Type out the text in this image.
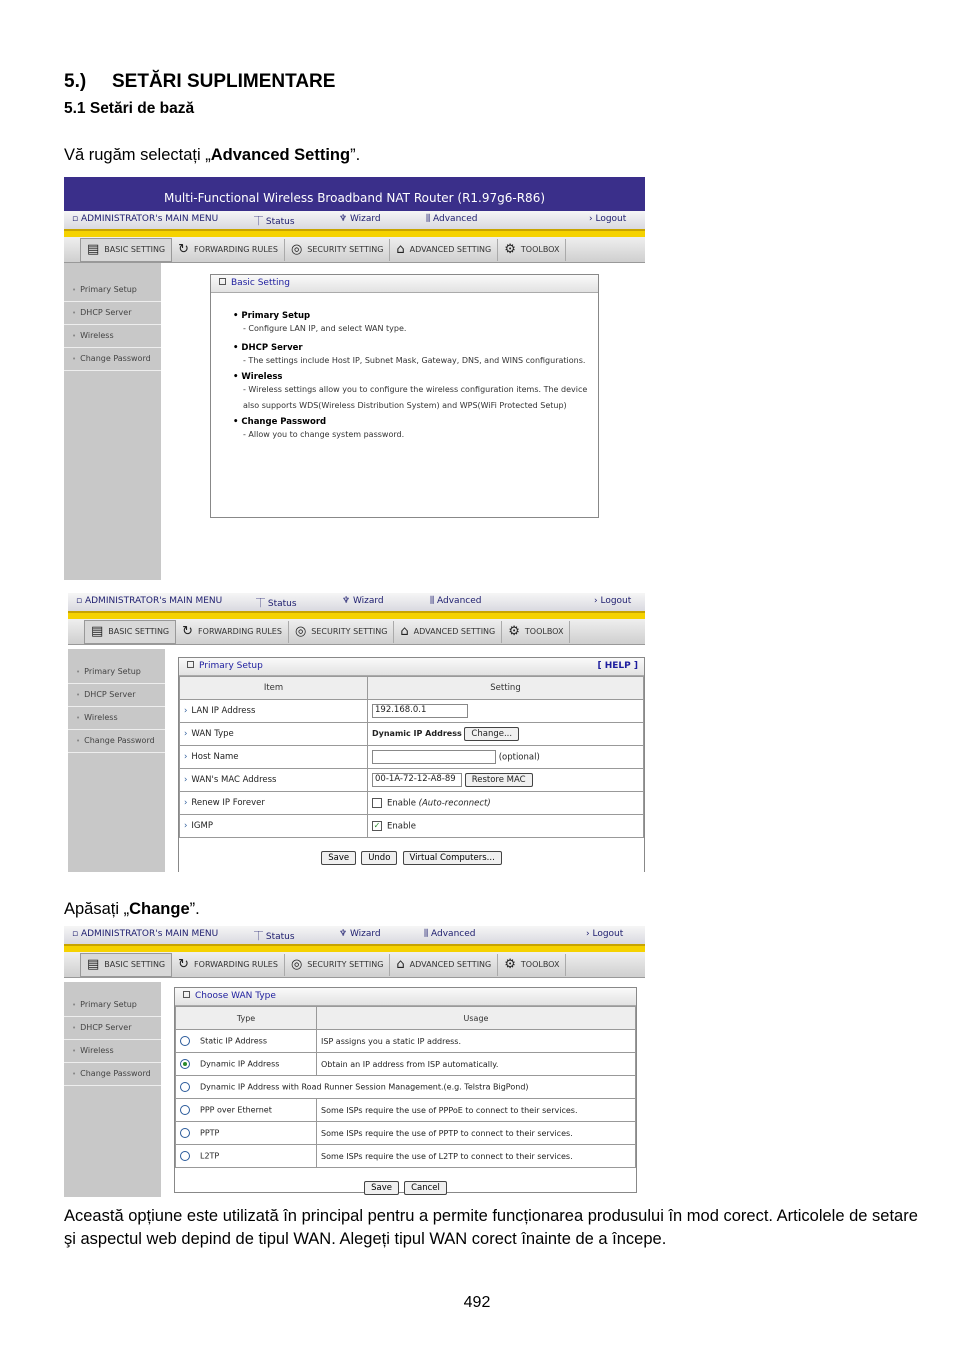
5.) SETĂRI SUPLIMENTARE
5.1 Setări de bază
Vă rugăm selectați „Advanced Setting”.
Multi-Functional Wireless Broadband NAT Router (R1.97g6-R86)
▫ ADMINISTRATOR's MAIN MENU	⏉ Status	♆ Wizard	⫼ Advanced	› Logout
▤ BASIC SETTING ↻ FORWARDING RULES ◎ SECURITY SETTING ⌂ ADVANCED SETTING ⚙ TOOLBOX
• Primary Setup
• DHCP Server
• Wireless
• Change Password
Basic Setting

• Primary Setup

- Configure LAN IP, and select WAN type.

• DHCP Server

- The settings include Host IP, Subnet Mask, Gateway, DNS, and WINS configurations.

• Wireless

- Wireless settings allow you to configure the wireless configuration items. The device also supports WDS(Wireless Distribution System) and WPS(WiFi Protected Setup)

• Change Password

- Allow you to change system password.
▫ ADMINISTRATOR's MAIN MENU	⏉ Status	♆ Wizard	⫼ Advanced	› Logout
▤ BASIC SETTING ↻ FORWARDING RULES ◎ SECURITY SETTING ⌂ ADVANCED SETTING ⚙ TOOLBOX
• Primary Setup
• DHCP Server
• Wireless
• Change Password
Primary Setup	[ HELP ]
Item	Setting
› LAN IP Address	192.168.0.1
› WAN Type	Dynamic IP Address Change...
› Host Name	(optional)
› WAN's MAC Address	00-1A-72-12-A8-89 Restore MAC
› Renew IP Forever	Enable (Auto-reconnect)
› IGMP	✓ Enable
Save Undo Virtual Computers...
Apăsați „Change”.
▫ ADMINISTRATOR's MAIN MENU	⏉ Status	♆ Wizard	⫼ Advanced	› Logout
▤ BASIC SETTING ↻ FORWARDING RULES ◎ SECURITY SETTING ⌂ ADVANCED SETTING ⚙ TOOLBOX
• Primary Setup
• DHCP Server
• Wireless
• Change Password
Choose WAN Type
Type	Usage
Static IP Address	ISP assigns you a static IP address.
Dynamic IP Address	Obtain an IP address from ISP automatically.
Dynamic IP Address with Road Runner Session Management.(e.g. Telstra BigPond)	
PPP over Ethernet	Some ISPs require the use of PPPoE to connect to their services.
PPTP	Some ISPs require the use of PPTP to connect to their services.
L2TP	Some ISPs require the use of L2TP to connect to their services.
Save Cancel
Această opțiune este utilizată în principal pentru a permite funcționarea produsului în mod corect. Articolele de setare şi aspectul web depind de tipul WAN. Alegeți tipul WAN corect înainte de a începe.
492
